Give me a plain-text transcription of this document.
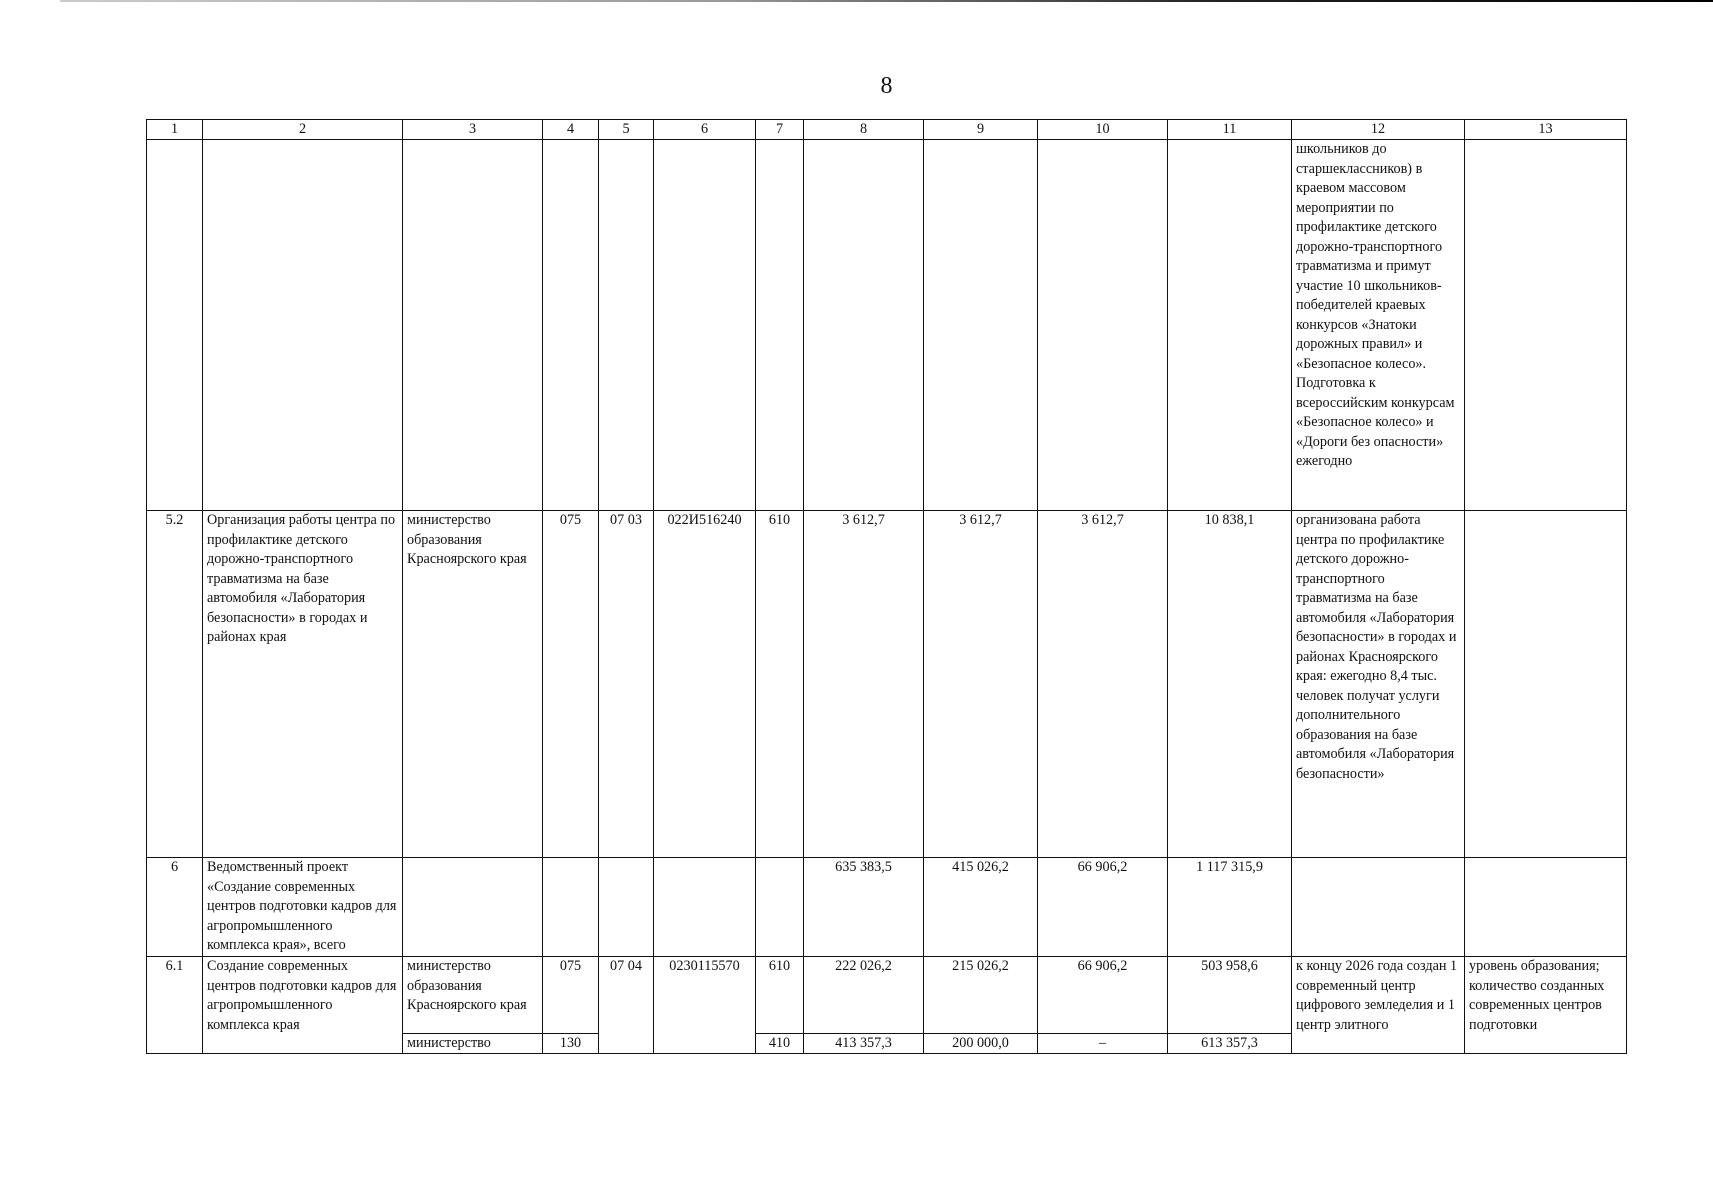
8
1	2	3	4	5	6	7	8	9	10	11	12	13
											школьников до старшеклассников) в краевом массовом мероприятии по профилактике детского дорожно-транспортного травматизма и примут участие 10 школьников-победителей краевых конкурсов «Знатоки дорожных правил» и «Безопасное колесо». Подготовка к всероссийским конкурсам «Безопасное колесо» и «Дороги без опасности» ежегодно	
5.2	Организация работы центра по профилактике детского дорожно-транспортного травматизма на базе автомобиля «Лаборатория безопасности» в городах и районах края	министерство образования Красноярского края	075	07 03	022И516240	610	3 612,7	3 612,7	3 612,7	10 838,1	организована работа центра по профилактике детского дорожно-транспортного травматизма на базе автомобиля «Лаборатория безопасности» в городах и районах Красноярского края: ежегодно 8,4 тыс. человек получат услуги дополнительного образования на базе автомобиля «Лаборатория безопасности»	
6	Ведомственный проект «Создание современных центров подготовки кадров для агропромышленного комплекса края», всего						635 383,5	415 026,2	66 906,2	1 117 315,9		
6.1	Создание современных центров подготовки кадров для агропромышленного комплекса края	министерство образования Красноярского края	075	07 04	0230115570	610	222 026,2	215 026,2	66 906,2	503 958,6	к концу 2026 года создан 1 современный центр цифрового земледелия и 1 центр элитного	уровень образования; количество созданных современных центров подготовки
		министерство	130			410	413 357,3	200 000,0	–	613 357,3		
